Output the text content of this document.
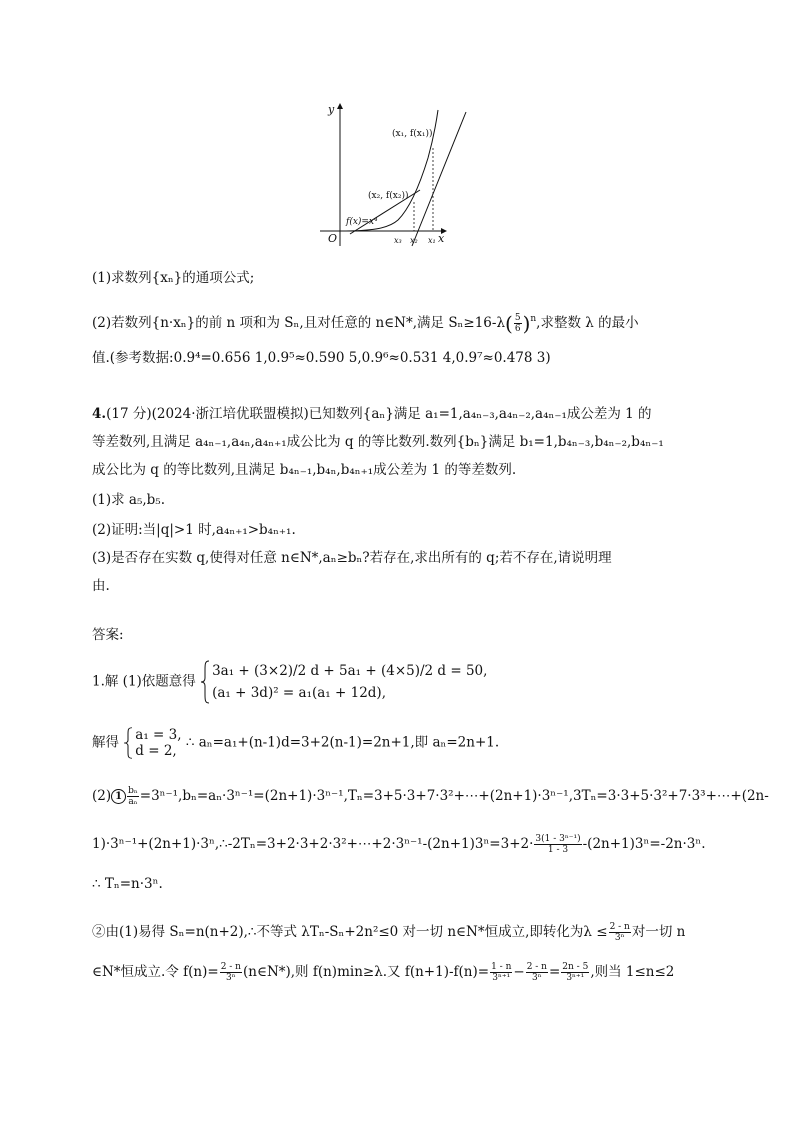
y
x
O
(x₁, f(x₁))
(x₂, f(x₂))
f(x)=x⁴
x₃ x₂ x₁
(1)求数列{xₙ}的通项公式;
(2)若数列{n·xₙ}的前 n 项和为 Sₙ,且对任意的 n∈N*,满足 $S_n\ge 16-\lambda( \frac{5}{6} )^n$,求整数 λ 的最小
值.(参考数据:0.9⁴=0.656 1,0.9⁵≈0.590 5,0.9⁶≈0.531 4,0.9⁷≈0.478 3)
4.(17 分)(2024·浙江培优联盟模拟)已知数列{aₙ}满足 a₁=1,a₄ₙ₋₃,a₄ₙ₋₂,a₄ₙ₋₁成公差为 1 的
等差数列,且满足 a₄ₙ₋₁,a₄ₙ,a₄ₙ₊₁成公比为 q 的等比数列.数列{bₙ}满足 b₁=1,b₄ₙ₋₃,b₄ₙ₋₂,b₄ₙ₋₁
成公比为 q 的等比数列,且满足 b₄ₙ₋₁,b₄ₙ,b₄ₙ₊₁成公差为 1 的等差数列.
(1)求 a₅,b₅.
(2)证明:当|q|>1 时,a₄ₙ₊₁>b₄ₙ₊₁.
(3)是否存在实数 q,使得对任意 n∈N*,aₙ≥bₙ?若存在,求出所有的 q;若不存在,请说明理
由.
答案:
1.解 (1)依题意得
3a₁ + (3×2)/2 d + 5a₁ + (4×5)/2 d = 50,
(a₁ + 3d)² = a₁(a₁ + 12d),
解得 a₁ = 3,
d = 2,
∴ aₙ=a₁+(n-1)d=3+2(n-1)=2n+1,即 aₙ=2n+1.
(2) $1 \frac{\text{bₙ}}{\text{aₙ}}$ =3ⁿ⁻¹,bₙ=aₙ·3ⁿ⁻¹=(2n+1)·3ⁿ⁻¹,Tₙ=3+5·3+7·3²+⋯+(2n+1)·3ⁿ⁻¹,3Tₙ=3·3+5·3²+7·3³+⋯+(2n-
1)·3ⁿ⁻¹+(2n+1)·3ⁿ,∴-2Tₙ=3+2·3+2·3²+⋯+2·3ⁿ⁻¹-(2n+1)3ⁿ=3+2· $\frac{\text{3(1 - 3ⁿ⁻¹)}}{1 - 3} -(2n+1)3^n=-2n\cdot 3^n$.
∴ Tₙ=n·3ⁿ.
②由(1)易得 Sₙ=n(n+2),∴不等式 λTₙ-Sₙ+2n²≤0 对一切 n∈N*恒成立,即转化为$\lambda \le \frac{2 - n}{\text{3ⁿ}}$ 对一切 n
∈N*恒成立.令 $f(n)= \frac{2 - n}{\text{3ⁿ}}$ (n∈N*),则 f(n)min≥λ.又 $f(n+1)-f(n)= \frac{1 - n}{\text{3ⁿ⁺¹}} - \frac{2 - n}{\text{3ⁿ}} = \frac{2n - 5}{\text{3ⁿ⁺¹}}$ ,则当 1≤n≤2
